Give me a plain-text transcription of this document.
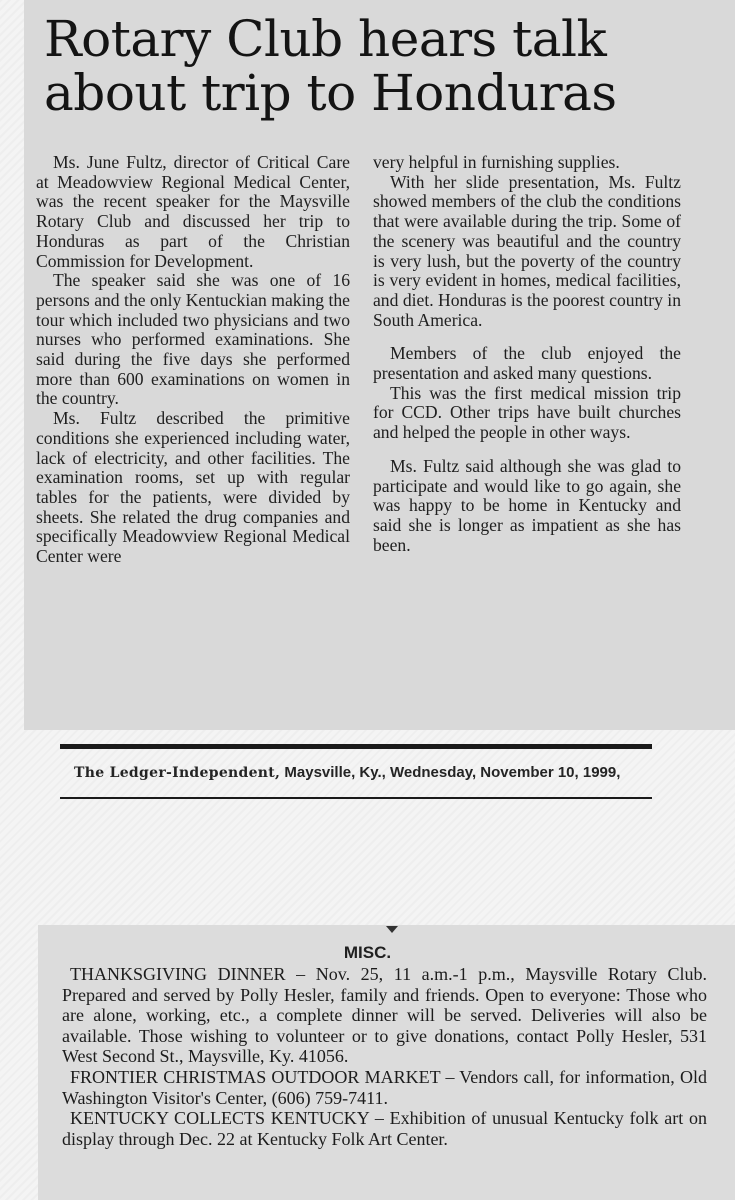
Rotary Club hears talk about trip to Honduras

Ms. June Fultz, director of Critical Care at Meadowview Regional Medical Center, was the recent speaker for the Maysville Rotary Club and discussed her trip to Honduras as part of the Christian Commission for Development.

The speaker said she was one of 16 persons and the only Kentuckian making the tour which included two physicians and two nurses who performed examinations. She said during the five days she performed more than 600 examinations on women in the country.

Ms. Fultz described the primitive conditions she experienced including water, lack of electricity, and other facilities. The examination rooms, set up with regular tables for the patients, were divided by sheets. She related the drug companies and specifically Meadowview Regional Medical Center were

very helpful in furnishing supplies.

With her slide presentation, Ms. Fultz showed members of the club the conditions that were available during the trip. Some of the scenery was beautiful and the country is very lush, but the poverty of the country is very evident in homes, medical facilities, and diet. Honduras is the poorest country in South America.

Members of the club enjoyed the presentation and asked many questions.

This was the first medical mission trip for CCD. Other trips have built churches and helped the people in other ways.

Ms. Fultz said although she was glad to participate and would like to go again, she was happy to be home in Kentucky and said she is longer as impatient as she has been.

The Ledger-Independent, Maysville, Ky., Wednesday, November 10, 1999,
MISC.

THANKSGIVING DINNER – Nov. 25, 11 a.m.-1 p.m., Maysville Rotary Club. Prepared and served by Polly Hesler, family and friends. Open to everyone: Those who are alone, working, etc., a complete dinner will be served. Deliveries will also be available. Those wishing to volunteer or to give donations, contact Polly Hesler, 531 West Second St., Maysville, Ky. 41056.

FRONTIER CHRISTMAS OUTDOOR MARKET – Vendors call, for information, Old Washington Visitor's Center, (606) 759-7411.

KENTUCKY COLLECTS KENTUCKY – Exhibition of unusual Kentucky folk art on display through Dec. 22 at Kentucky Folk Art Center.
